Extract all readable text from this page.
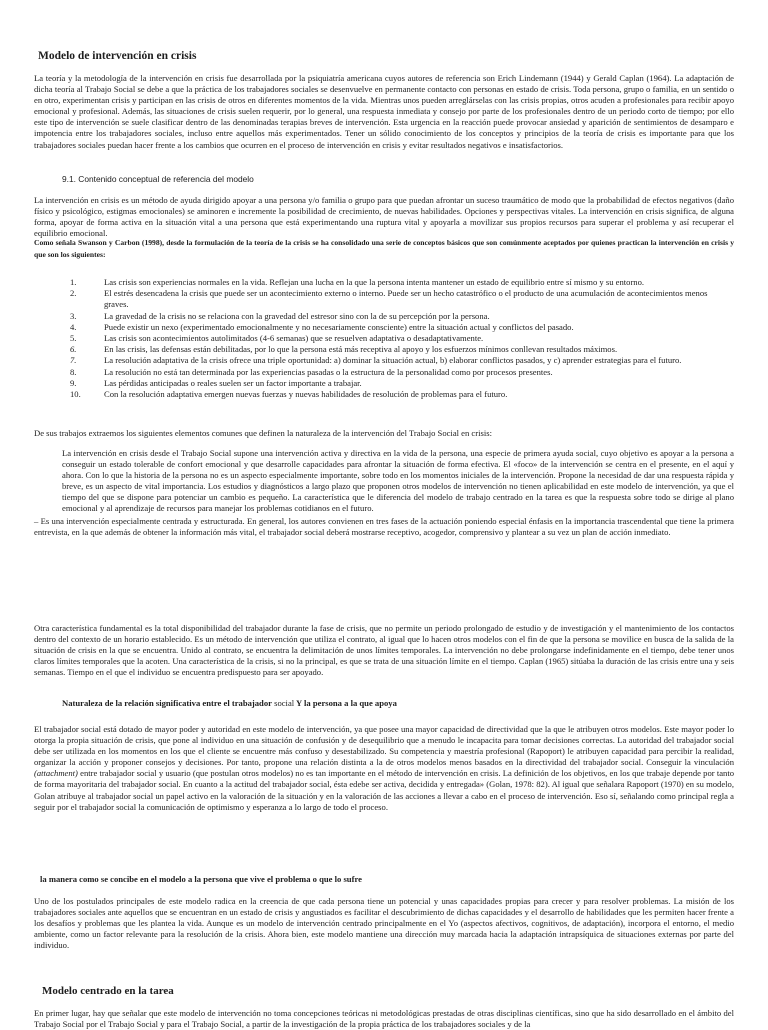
Modelo de intervención en crisis

La teoría y la metodología de la intervención en crisis fue desarrollada por la psiquiatría americana cuyos autores de referencia son Erich Lindemann (1944) y Gerald Caplan (1964). La adaptación de dicha teoría al Trabajo Social se debe a que la práctica de los trabajadores sociales se desenvuelve en permanente contacto con personas en estado de crisis. Toda persona, grupo o familia, en un sentido o en otro, experimentan crisis y participan en las crisis de otros en diferentes momentos de la vida. Mientras unos pueden arreglárselas con las crisis propias, otros acuden a profesionales para recibir apoyo emocional y profesional. Además, las situaciones de crisis suelen requerir, por lo general, una respuesta inmediata y consejo por parte de los profesionales dentro de un periodo corto de tiempo; por ello este tipo de intervención se suele clasificar dentro de las denominadas terapias breves de intervención. Esta urgencia en la reacción puede provocar ansiedad y aparición de sentimientos de desamparo e impotencia entre los trabajadores sociales, incluso entre aquellos más experimentados. Tener un sólido conocimiento de los conceptos y principios de la teoría de crisis es importante para que los trabajadores sociales puedan hacer frente a los cambios que ocurren en el proceso de intervención en crisis y evitar resultados negativos e insatisfactorios.

9.1. Contenido conceptual de referencia del modelo

La intervención en crisis es un método de ayuda dirigido apoyar a una persona y/o familia o grupo para que puedan afrontar un suceso traumático de modo que la probabilidad de efectos negativos (daño físico y psicológico, estigmas emocionales) se aminoren e incremente la posibilidad de crecimiento, de nuevas habilidades. Opciones y perspectivas vitales. La intervención en crisis significa, de alguna forma, apoyar de forma activa en la situación vital a una persona que está experimentando una ruptura vital y apoyarla a movilizar sus propios recursos para superar el problema y así recuperar el equilibrio emocional.

Como señala Swanson y Carbon (1998), desde la formulación de la teoría de la crisis se ha consolidado una serie de conceptos básicos que son comúnmente aceptados por quienes practican la intervención en crisis y que son los siguientes:

1.	Las crisis son experiencias normales en la vida. Reflejan una lucha en la que la persona intenta mantener un estado de equilibrio entre sí mismo y su entorno.
2.	El estrés desencadena la crisis que puede ser un acontecimiento externo o interno. Puede ser un hecho catastrófico o el producto de una acumulación de acontecimientos menos graves.
3.	La gravedad de la crisis no se relaciona con la gravedad del estresor sino con la de su percepción por la persona.
4.	Puede existir un nexo (experimentado emocionalmente y no necesariamente consciente) entre la situación actual y conflictos del pasado.
5.	Las crisis son acontecimientos autolimitados (4-6 semanas) que se resuelven adaptativa o desadaptativamente.
6.	En las crisis, las defensas están debilitadas, por lo que la persona está más receptiva al apoyo y los esfuerzos mínimos conllevan resultados máximos.
7.	La resolución adaptativa de la crisis ofrece una triple oportunidad: a) dominar la situación actual, b) elaborar conflictos pasados, y c) aprender estrategias para el futuro.
8.	La resolución no está tan determinada por las experiencias pasadas o la estructura de la personalidad como por procesos presentes.
9.	Las pérdidas anticipadas o reales suelen ser un factor importante a trabajar.
10.	Con la resolución adaptativa emergen nuevas fuerzas y nuevas habilidades de resolución de problemas para el futuro.

De sus trabajos extraemos los siguientes elementos comunes que definen la naturaleza de la intervención del Trabajo Social en crisis:

La intervención en crisis desde el Trabajo Social supone una intervención activa y directiva en la vida de la persona, una especie de primera ayuda social, cuyo objetivo es apoyar a la persona a conseguir un estado tolerable de confort emocional y que desarrolle capacidades para afrontar la situación de forma efectiva. El «foco» de la intervención se centra en el presente, en el aquí y ahora. Con lo que la historia de la persona no es un aspecto especialmente importante, sobre todo en los momentos iniciales de la intervención. Propone la necesidad de dar una respuesta rápida y breve, es un aspecto de vital importancia. Los estudios y diagnósticos a largo plazo que proponen otros modelos de intervención no tienen aplicabilidad en este modelo de intervención, ya que el tiempo del que se dispone para potenciar un cambio es pequeño. La característica que le diferencia del modelo de trabajo centrado en la tarea es que la respuesta sobre todo se dirige al plano emocional y al aprendizaje de recursos para manejar los problemas cotidianos en el futuro.

– Es una intervención especialmente centrada y estructurada. En general, los autores convienen en tres fases de la actuación poniendo especial énfasis en la importancia trascendental que tiene la primera entrevista, en la que además de obtener la información más vital, el trabajador social deberá mostrarse receptivo, acogedor, comprensivo y plantear a su vez un plan de acción inmediato.

Otra característica fundamental es la total disponibilidad del trabajador durante la fase de crisis, que no permite un periodo prolongado de estudio y de investigación y el mantenimiento de los contactos dentro del contexto de un horario establecido. Es un método de intervención que utiliza el contrato, al igual que lo hacen otros modelos con el fin de que la persona se movilice en busca de la salida de la situación de crisis en la que se encuentra. Unido al contrato, se encuentra la delimitación de unos límites temporales. La intervención no debe prolongarse indefinidamente en el tiempo, debe tener unos claros límites temporales que la acoten. Una característica de la crisis, si no la principal, es que se trata de una situación límite en el tiempo. Caplan (1965) sitúaba la duración de las crisis entre una y seis semanas. Tiempo en el que el individuo se encuentra predispuesto para ser apoyado.

Naturaleza de la relación significativa entre el trabajador social Y la persona a la que apoya

El trabajador social está dotado de mayor poder y autoridad en este modelo de intervención, ya que posee una mayor capacidad de directividad que la que le atribuyen otros modelos. Este mayor poder lo otorga la propia situación de crisis, que pone al individuo en una situación de confusión y de desequilibrio que a menudo le incapacita para tomar decisiones correctas. La autoridad del trabajador social debe ser utilizada en los momentos en los que el cliente se encuentre más confuso y desestabilizado. Su competencia y maestría profesional (Rapoport) le atribuyen capacidad para percibir la realidad, organizar la acción y proponer consejos y decisiones. Por tanto, propone una relación distinta a la de otros modelos menos basados en la directividad del trabajador social. Conseguir la vinculación (attachment) entre trabajador social y usuario (que postulan otros modelos) no es tan importante en el método de intervención en crisis. La definición de los objetivos, en los que trabaje depende por tanto de forma mayoritaria del trabajador social. En cuanto a la actitud del trabajador social, ésta edebe ser activa, decidida y entregada» (Golan, 1978: 82). Al igual que señalara Rapoport (1970) en su modelo, Golan atribuye al trabajador social un papel activo en la valoración de la situación y en la valoración de las acciones a llevar a cabo en el proceso de intervención. Eso sí, señalando como principal regla a seguir por el trabajador social la comunicación de optimismo y esperanza a lo largo de todo el proceso.

la manera como se concibe en el modelo a la persona que vive el problema o que lo sufre

Uno de los postulados principales de este modelo radica en la creencia de que cada persona tiene un potencial y unas capacidades propias para crecer y para resolver problemas. La misión de los trabajadores sociales ante aquellos que se encuentran en un estado de crisis y angustiados es facilitar el descubrimiento de dichas capacidades y el desarrollo de habilidades que les permiten hacer frente a los desafíos y problemas que les plantea la vida. Aunque es un modelo de intervención centrado principalmente en el Yo (aspectos afectivos, cognitivos, de adaptación), incorpora el entorno, el medio ambiente, como un factor relevante para la resolución de la crisis. Ahora bien, este modelo mantiene una dirección muy marcada hacia la adaptación intrapsíquica de situaciones externas por parte del individuo.

Modelo centrado en la tarea

En primer lugar, hay que señalar que este modelo de intervención no toma concepciones teóricas ni metodológicas prestadas de otras disciplinas científicas, sino que ha sido desarrollado en el ámbito del Trabajo Social por el Trabajo Social y para el Trabajo Social, a partir de la investigación de la propia práctica de los trabajadores sociales y de la
